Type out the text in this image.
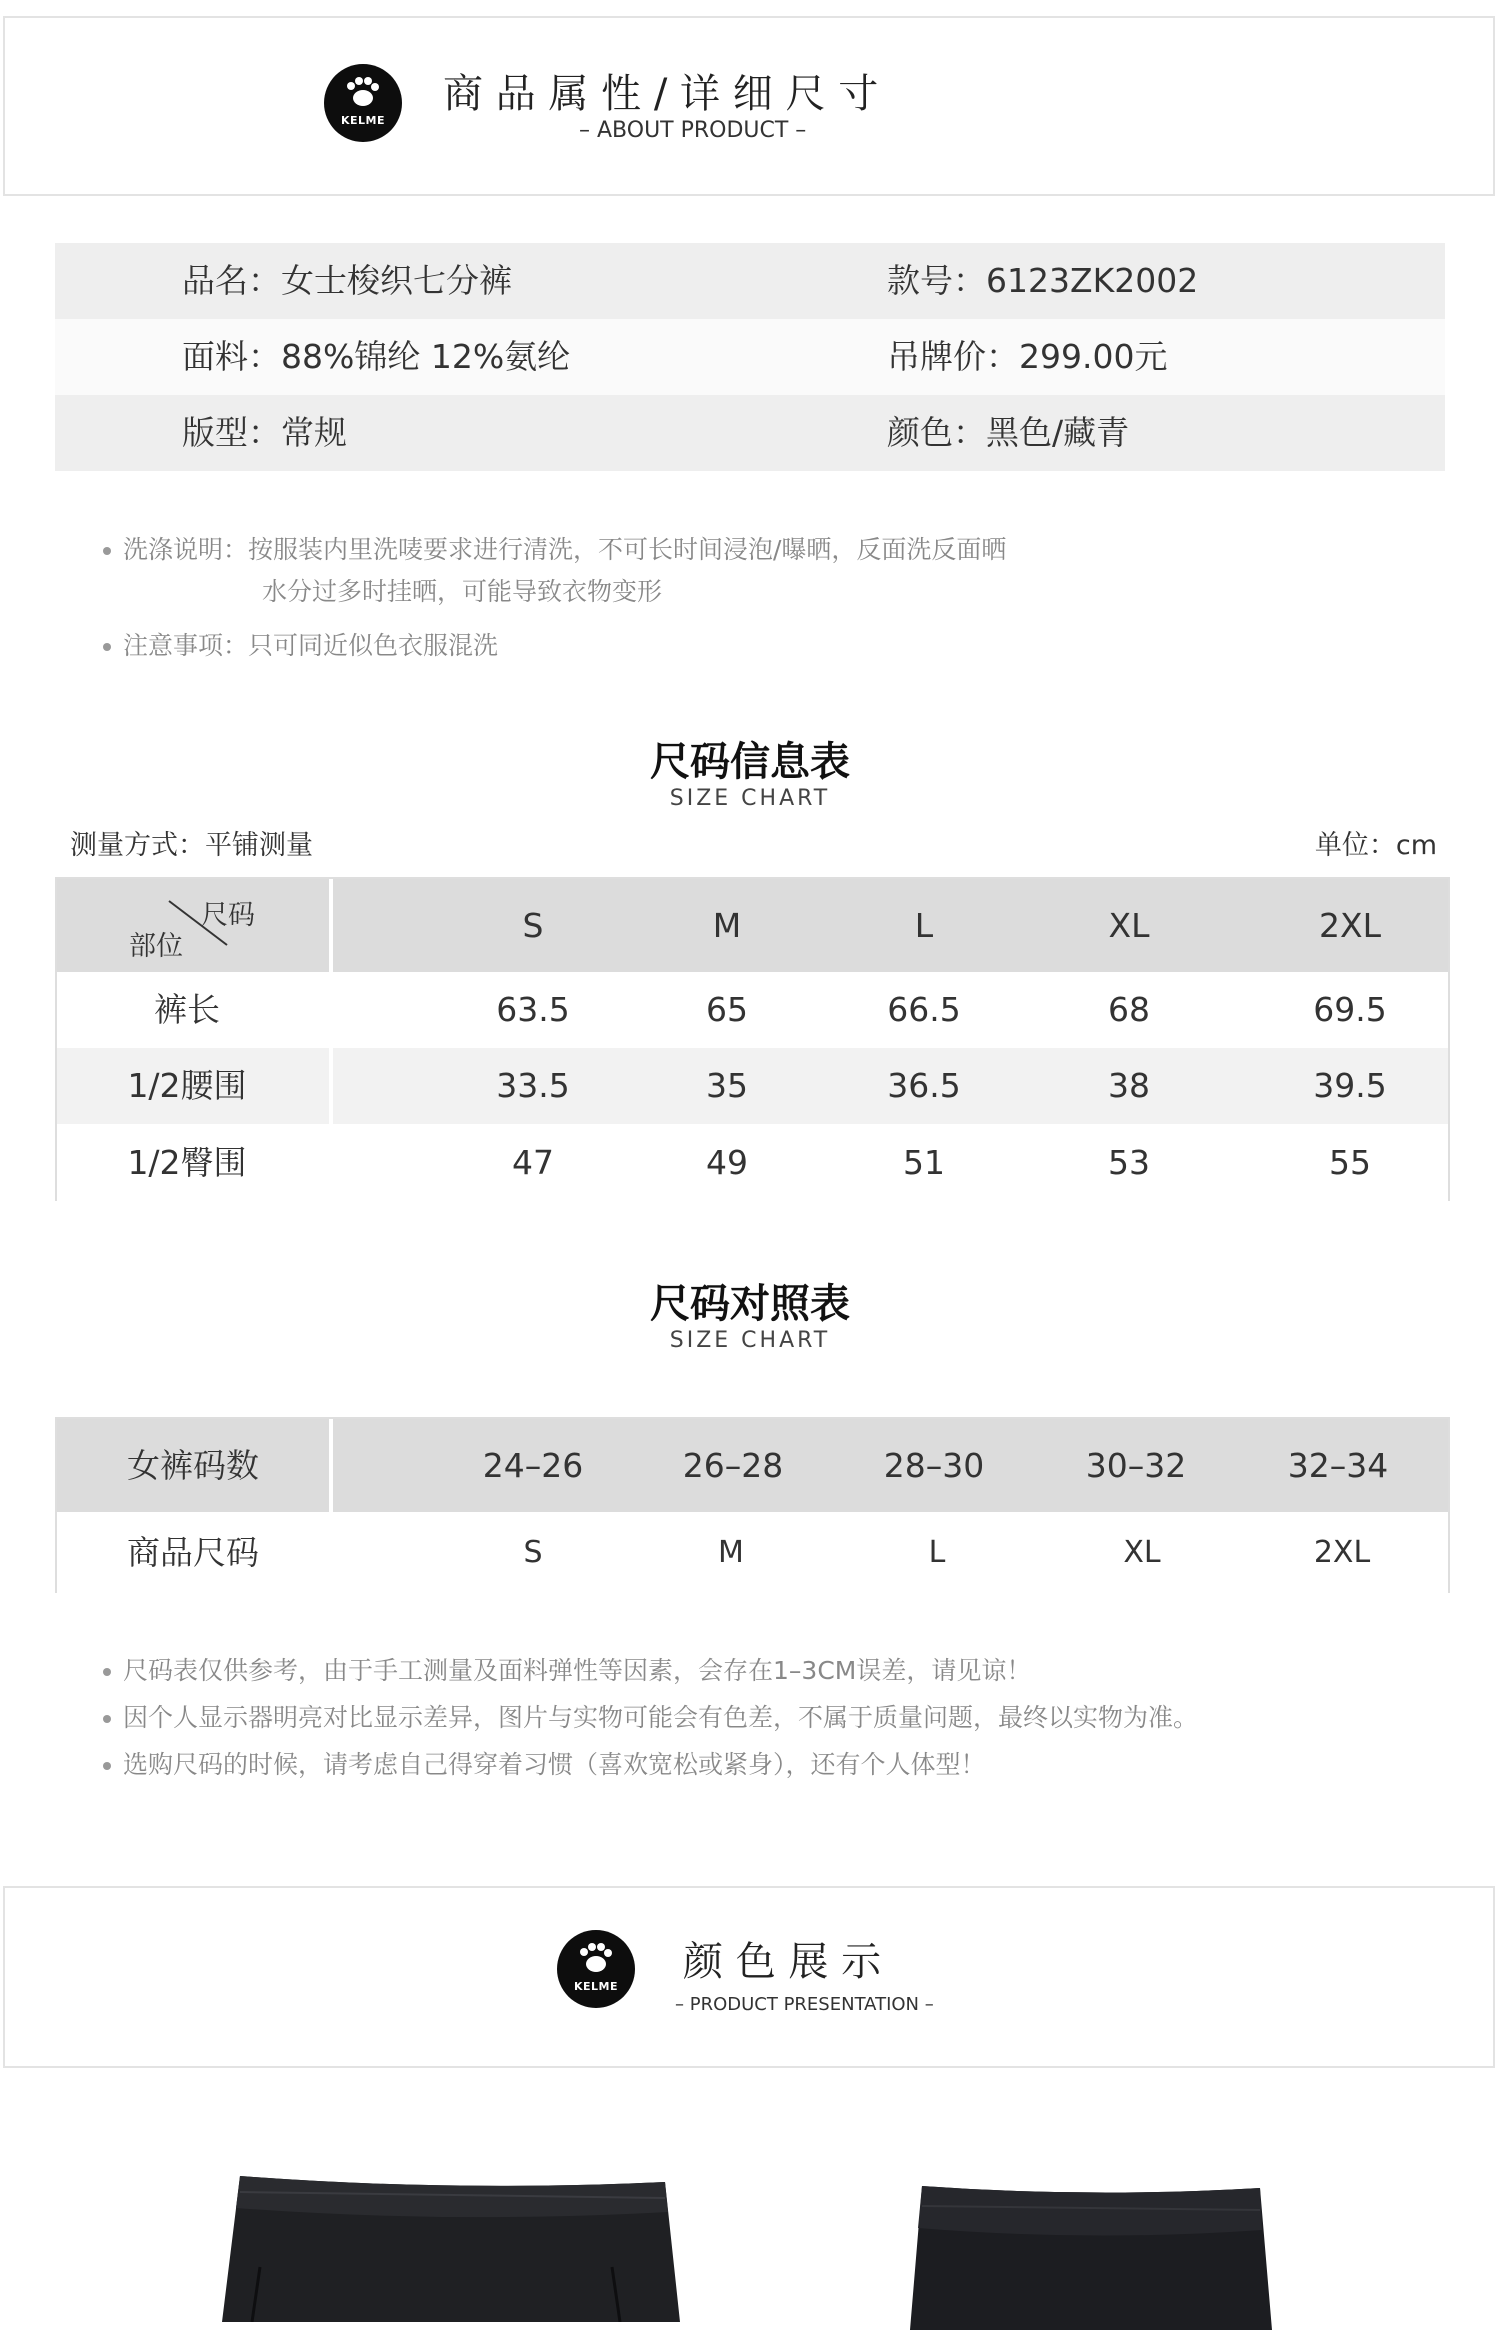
KELME
商 品 属 性 / 详 细 尺 寸
– ABOUT PRODUCT –
品名：女士梭织七分裤	款号：6123ZK2002
面料：88%锦纶 12%氨纶	吊牌价：299.00元
版型：常规	颜色：黑色/藏青
洗涤说明：按服装内里洗唛要求进行清洗，不可长时间浸泡/曝晒，反面洗反面晒
水分过多时挂晒，可能导致衣物变形
注意事项：只可同近似色衣服混洗
尺码信息表
SIZE CHART
测量方式：平铺测量	单位：cm
尺码
部位
S	M	L	XL	2XL
裤长	63.5	65	66.5	68	69.5
1/2腰围	33.5	35	36.5	38	39.5
1/2臀围	47	49	51	53	55
尺码对照表
SIZE CHART
女裤码数	24–26	26–28	28–30	30–32	32–34
商品尺码	S	M	L	XL	2XL
尺码表仅供参考，由于手工测量及面料弹性等因素，会存在1–3CM误差，请见谅！
因个人显示器明亮对比显示差异，图片与实物可能会有色差，不属于质量问题，最终以实物为准。
选购尺码的时候，请考虑自己得穿着习惯（喜欢宽松或紧身），还有个人体型！
KELME
颜 色 展 示
– PRODUCT PRESENTATION –
